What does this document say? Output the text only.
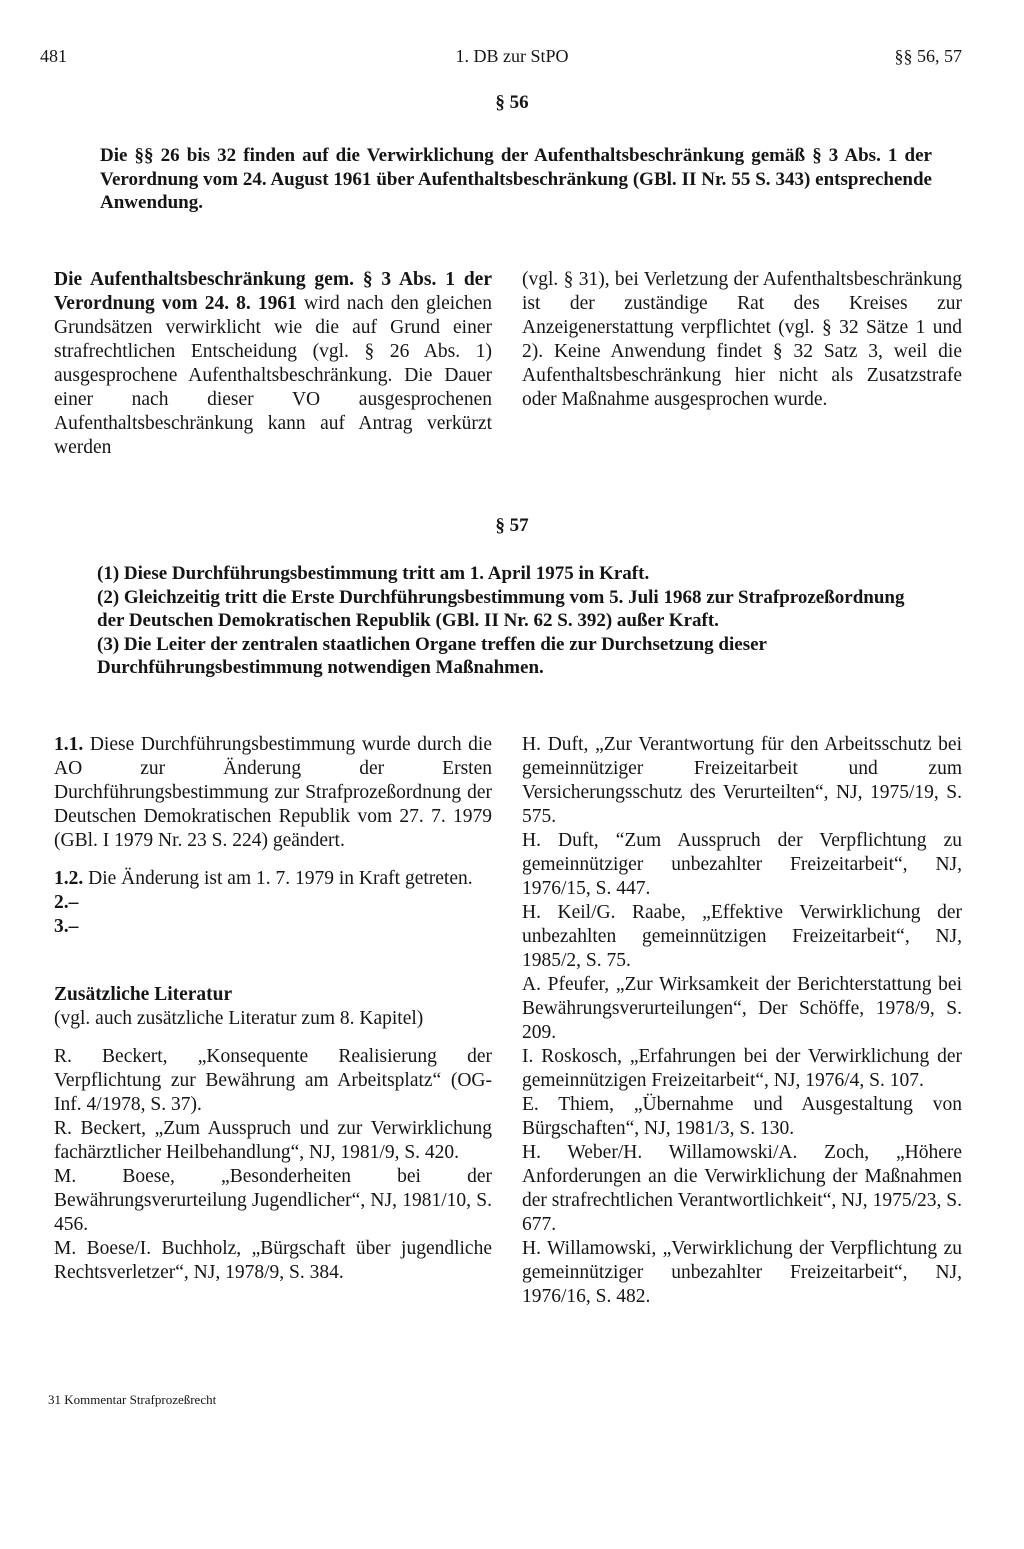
481	1. DB zur StPO	§§ 56, 57
§ 56

Die §§ 26 bis 32 finden auf die Verwirklichung der Aufenthaltsbeschränkung gemäß § 3 Abs. 1 der Verordnung vom 24. August 1961 über Aufenthaltsbeschränkung (GBl. II Nr. 55 S. 343) entsprechende Anwendung.

Die Aufenthaltsbeschränkung gem. § 3 Abs. 1 der Verordnung vom 24. 8. 1961 wird nach den gleichen Grundsätzen verwirklicht wie die auf Grund einer strafrechtlichen Entscheidung (vgl. § 26 Abs. 1) ausgesprochene Aufenthaltsbeschränkung. Die Dauer einer nach dieser VO ausgesprochenen Aufenthaltsbeschränkung kann auf Antrag verkürzt werden

(vgl. § 31), bei Verletzung der Aufenthaltsbeschränkung ist der zuständige Rat des Kreises zur Anzeigenerstattung verpflichtet (vgl. § 32 Sätze 1 und 2). Keine Anwendung findet § 32 Satz 3, weil die Aufenthaltsbeschränkung hier nicht als Zusatzstrafe oder Maßnahme ausgesprochen wurde.

§ 57

(1) Diese Durchführungsbestimmung tritt am 1. April 1975 in Kraft.

(2) Gleichzeitig tritt die Erste Durchführungsbestimmung vom 5. Juli 1968 zur Strafprozeßordnung der Deutschen Demokratischen Republik (GBl. II Nr. 62 S. 392) außer Kraft.

(3) Die Leiter der zentralen staatlichen Organe treffen die zur Durchsetzung dieser Durchführungsbestimmung notwendigen Maßnahmen.

1.1. Diese Durchführungsbestimmung wurde durch die AO zur Änderung der Ersten Durchführungsbestimmung zur Strafprozeßordnung der Deutschen Demokratischen Republik vom 27. 7. 1979 (GBl. I 1979 Nr. 23 S. 224) geändert.

1.2. Die Änderung ist am 1. 7. 1979 in Kraft getreten.

2.–

3.–

Zusätzliche Literatur

(vgl. auch zusätzliche Literatur zum 8. Kapitel)

R. Beckert, „Konsequente Realisierung der Verpflichtung zur Bewährung am Arbeitsplatz“ (OG-Inf. 4/1978, S. 37).

R. Beckert, „Zum Ausspruch und zur Verwirklichung fachärztlicher Heilbehandlung“, NJ, 1981/9, S. 420.

M. Boese, „Besonderheiten bei der Bewährungsverurteilung Jugendlicher“, NJ, 1981/10, S. 456.

M. Boese/I. Buchholz, „Bürgschaft über jugendliche Rechtsverletzer“, NJ, 1978/9, S. 384.

H. Duft, „Zur Verantwortung für den Arbeitsschutz bei gemeinnütziger Freizeitarbeit und zum Versicherungsschutz des Verurteilten“, NJ, 1975/19, S. 575.

H. Duft, “Zum Ausspruch der Verpflichtung zu gemeinnütziger unbezahlter Freizeitarbeit“, NJ, 1976/15, S. 447.

H. Keil/G. Raabe, „Effektive Verwirklichung der unbezahlten gemeinnützigen Freizeitarbeit“, NJ, 1985/2, S. 75.

A. Pfeufer, „Zur Wirksamkeit der Berichterstattung bei Bewährungsverurteilungen“, Der Schöffe, 1978/9, S. 209.

I. Roskosch, „Erfahrungen bei der Verwirklichung der gemeinnützigen Freizeitarbeit“, NJ, 1976/4, S. 107.

E. Thiem, „Übernahme und Ausgestaltung von Bürgschaften“, NJ, 1981/3, S. 130.

H. Weber/H. Willamowski/A. Zoch, „Höhere Anforderungen an die Verwirklichung der Maßnahmen der strafrechtlichen Verantwortlichkeit“, NJ, 1975/23, S. 677.

H. Willamowski, „Verwirklichung der Verpflichtung zu gemeinnütziger unbezahlter Freizeitarbeit“, NJ, 1976/16, S. 482.

31 Kommentar Strafprozeßrecht
